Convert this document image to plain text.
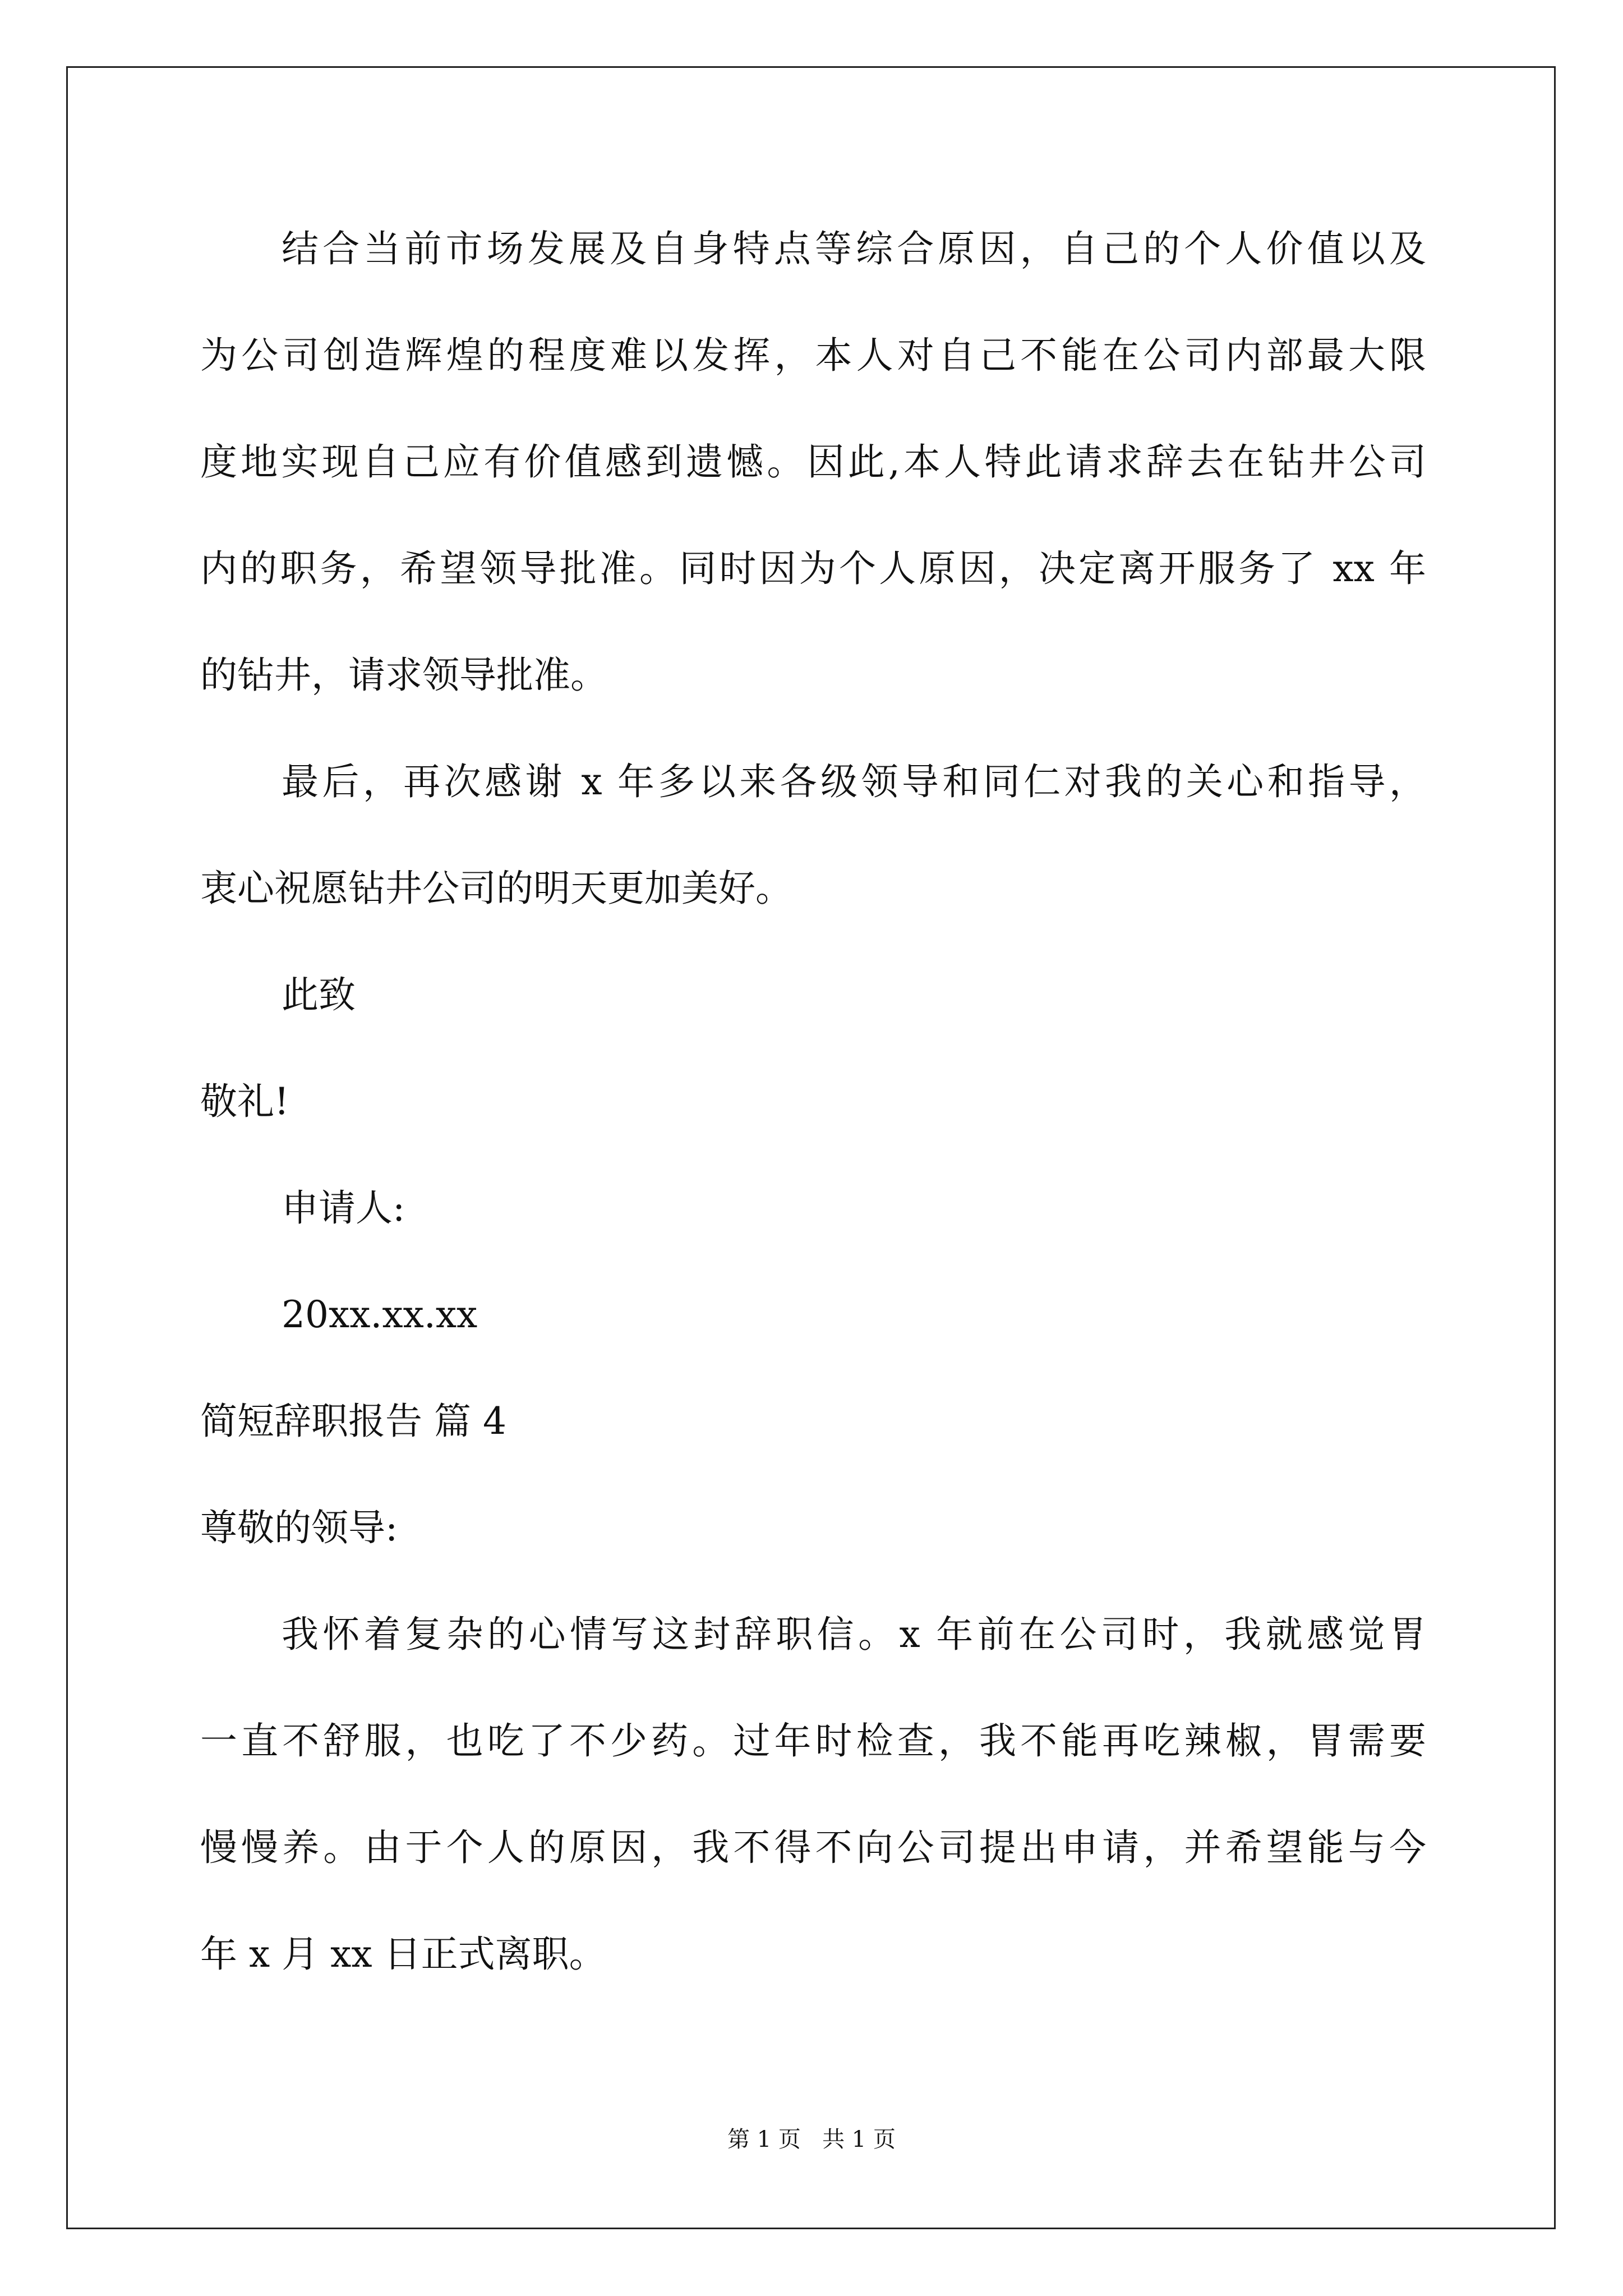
结合当前市场发展及自身特点等综合原因，自己的个人价值以及

为公司创造辉煌的程度难以发挥，本人对自己不能在公司内部最大限

度地实现自己应有价值感到遗憾。因此,本人特此请求辞去在钻井公司

内的职务，希望领导批准。同时因为个人原因，决定离开服务了 xx 年

的钻井，请求领导批准。

最后，再次感谢 x 年多以来各级领导和同仁对我的关心和指导，

衷心祝愿钻井公司的明天更加美好。

此致

敬礼!

申请人:

20xx.xx.xx

简短辞职报告 篇 4

尊敬的领导:

我怀着复杂的心情写这封辞职信。x 年前在公司时，我就感觉胃

一直不舒服，也吃了不少药。过年时检查，我不能再吃辣椒，胃需要

慢慢养。由于个人的原因，我不得不向公司提出申请，并希望能与今

年 x 月 xx 日正式离职。

第 1 页   共 1 页
